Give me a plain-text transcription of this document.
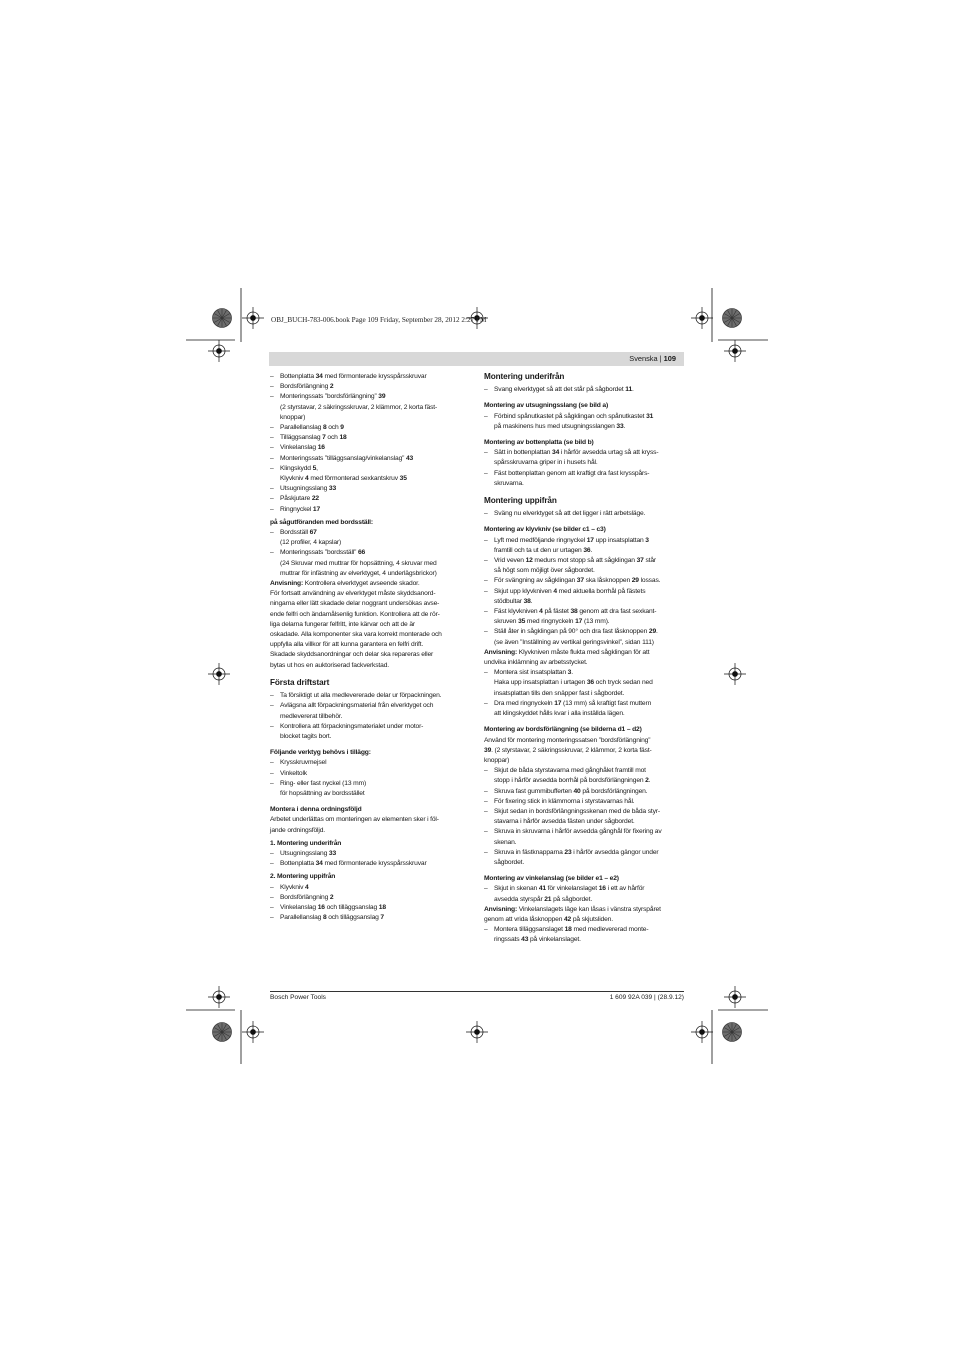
OBJ_BUCH-783-006.book Page 109 Friday, September 28, 2012 2:27 PM
Svenska | 109
– Bottenplatta 34 med förmonterade krysspårsskruvar
– Bordsförlängning 2
– Monteringssats ”bordsförlängning” 39
(2 styrstavar, 2 säkringsskruvar, 2 klämmor, 2 korta fäst-
knoppar)
– Parallellanslag 8 och 9
– Tilläggsanslag 7 och 18
– Vinkelanslag 16
– Monteringssats ”tilläggsanslag/vinkelanslag” 43
– Klingskydd 5,
Klyvkniv 4 med förmonterad sexkantskruv 35
– Utsugningsslang 33
– Påskjutare 22
– Ringnyckel 17
på sågutföranden med bordsställ:
– Bordsställ 67
(12 profiler, 4 kapslar)
– Monteringssats ”bordsställ” 66
(24 Skruvar med muttrar för hopsättning, 4 skruvar med
muttrar för infästning av elverktyget, 4 underlägsbrickor)
Anvisning: Kontrollera elverktyget avseende skador.
För fortsatt användning av elverktyget måste skyddsanord-
ningarna eller lätt skadade delar noggrant undersökas avse-
ende felfri och ändamålsenlig funktion. Kontrollera att de rör-
liga delarna fungerar felfritt, inte kärvar och att de är
oskadade. Alla komponenter ska vara korrekt monterade och
uppfylla alla villkor för att kunna garantera en felfri drift.
Skadade skyddsanordningar och delar ska repareras eller
bytas ut hos en auktoriserad fackverkstad.
Första driftstart
– Ta försiktigt ut alla medlevererade delar ur förpackningen.
– Avlägsna allt förpackningsmaterial från elverktyget och
medlevererat tillbehör.
– Kontrollera att förpackningsmaterialet under motor-
blocket tagits bort.
Följande verktyg behövs i tillägg:
– Krysskruvmejsel
– Vinkeltolk
– Ring- eller fast nyckel (13 mm)
för hopsättning av bordsstället
Montera i denna ordningsföljd
Arbetet underlättas om monteringen av elementen sker i föl-
jande ordningsföljd.
1. Montering underifrån
– Utsugningsslang 33
– Bottenplatta 34 med förmonterade krysspårsskruvar
2. Montering uppifrån
– Klyvkniv 4
– Bordsförlängning 2
– Vinkelanslag 16 och tilläggsanslag 18
– Parallellanslag 8 och tilläggsanslag 7
Montering underifrån
– Svang elverktyget så att det står på sågbordet 11.
Montering av utsugningsslang (se bild a)
– Förbind spånutkastet på sågklingan och spånutkastet 31
på maskinens hus med utsugningsslangen 33.
Montering av bottenplatta (se bild b)
– Sätt in bottenplattan 34 i hårför avsedda urtag så att kryss-
spårsskruvarna griper in i husets hål.
– Fäst bottenplattan genom att kraftigt dra fast krysspårs-
skruvarna.
Montering uppifrån
– Sväng nu elverktyget så att det ligger i rätt arbetsläge.
Montering av klyvkniv (se bilder c1 – c3)
– Lyft med medföljande ringnyckel 17 upp insatsplattan 3
framtill och ta ut den ur urtagen 36.
– Vrid veven 12 medurs mot stopp så att sågklingan 37 står
så högt som möjligt över sågbordet.
– För svängning av sågklingan 37 ska låsknoppen 29 lossas.
– Skjut upp klyvkniven 4 med aktuella borrhål på fästets
stödbultar 38.
– Fäst klyvkniven 4 på fästet 38 genom att dra fast sexkant-
skruven 35 med ringnyckeln 17 (13 mm).
– Ställ åter in sågklingan på 90° och dra fast låsknoppen 29.
(se även ”Inställning av vertikal geringsvinkel”, sidan 111)
Anvisning: Klyvkniven måste flukta med sågklingan för att
undvika inklämning av arbetsstycket.
– Montera sist insatsplattan 3.
Haka upp insatsplattan i urtagen 36 och tryck sedan ned
insatsplattan tills den snäpper fast i sågbordet.
– Dra med ringnyckeln 17 (13 mm) så kraftigt fast muttern
att klingskyddet hålls kvar i alla inställda lägen.
Montering av bordsförlängning (se bilderna d1 – d2)
Använd för montering monteringssatsen ”bordsförlängning”
39. (2 styrstavar, 2 säkringsskruvar, 2 klämmor, 2 korta fäst-
knoppar)
– Skjut de båda styrstavarna med gånghålet framtill mot
stopp i hårför avsedda borrhål på bordsförlängningen 2.
– Skruva fast gummibufferten 40 på bordsförlängningen.
– För fixering stick in klämmorna i styrstavarnas hål.
– Skjut sedan in bordsförlängningsskenan med de båda styr-
stavarna i hårför avsedda fästen under sågbordet.
– Skruva in skruvarna i hårför avsedda gånghål för fixering av
skenan.
– Skruva in fästknapparna 23 i hårför avsedda gängor under
sågbordet.
Montering av vinkelanslag (se bilder e1 – e2)
– Skjut in skenan 41 för vinkelanslaget 16 i ett av hårför
avsedda styrspår 21 på sågbordet.
Anvisning: Vinkelanslagets läge kan låsas i vänstra styrspåret
genom att vrida låsknoppen 42 på skjutsliden.
– Montera tilläggsanslaget 18 med medlevererad monte-
ringssats 43 på vinkelanslaget.
Bosch Power Tools	1 609 92A 039 | (28.9.12)
